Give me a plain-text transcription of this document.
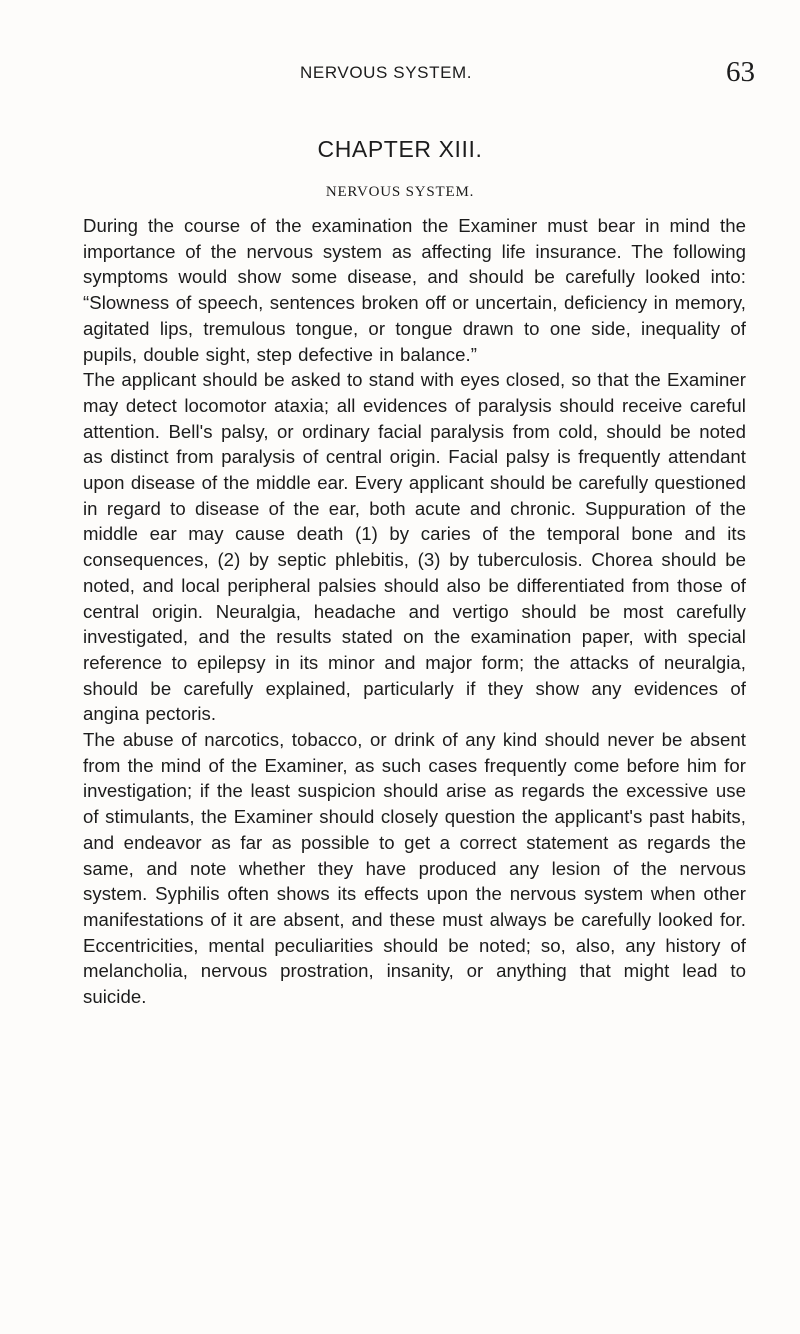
NERVOUS SYSTEM.	63
CHAPTER XIII.
NERVOUS SYSTEM.

During the course of the examination the Examiner must bear in mind the importance of the nervous system as affecting life insurance. The following symptoms would show some disease, and should be carefully looked into: “Slowness of speech, sentences broken off or uncertain, deficiency in memory, agitated lips, tremulous tongue, or tongue drawn to one side, inequality of pupils, double sight, step defective in balance.”

The applicant should be asked to stand with eyes closed, so that the Examiner may detect locomotor ataxia; all evidences of paralysis should receive careful attention. Bell's palsy, or ordinary facial paralysis from cold, should be noted as distinct from paralysis of central origin. Facial palsy is frequently attendant upon disease of the middle ear. Every applicant should be carefully questioned in regard to disease of the ear, both acute and chronic. Suppuration of the middle ear may cause death (1) by caries of the temporal bone and its consequences, (2) by septic phlebitis, (3) by tuberculosis. Chorea should be noted, and local peripheral palsies should also be differentiated from those of central origin. Neuralgia, headache and vertigo should be most carefully investigated, and the results stated on the examination paper, with special reference to epilepsy in its minor and major form; the attacks of neuralgia, should be carefully explained, particularly if they show any evidences of angina pectoris.

The abuse of narcotics, tobacco, or drink of any kind should never be absent from the mind of the Examiner, as such cases frequently come before him for investigation; if the least suspicion should arise as regards the excessive use of stimulants, the Examiner should closely question the applicant's past habits, and endeavor as far as possible to get a correct statement as regards the same, and note whether they have produced any lesion of the nervous system. Syphilis often shows its effects upon the nervous system when other manifestations of it are absent, and these must always be carefully looked for. Eccentricities, mental peculiarities should be noted; so, also, any history of melancholia, nervous prostration, insanity, or anything that might lead to suicide.
